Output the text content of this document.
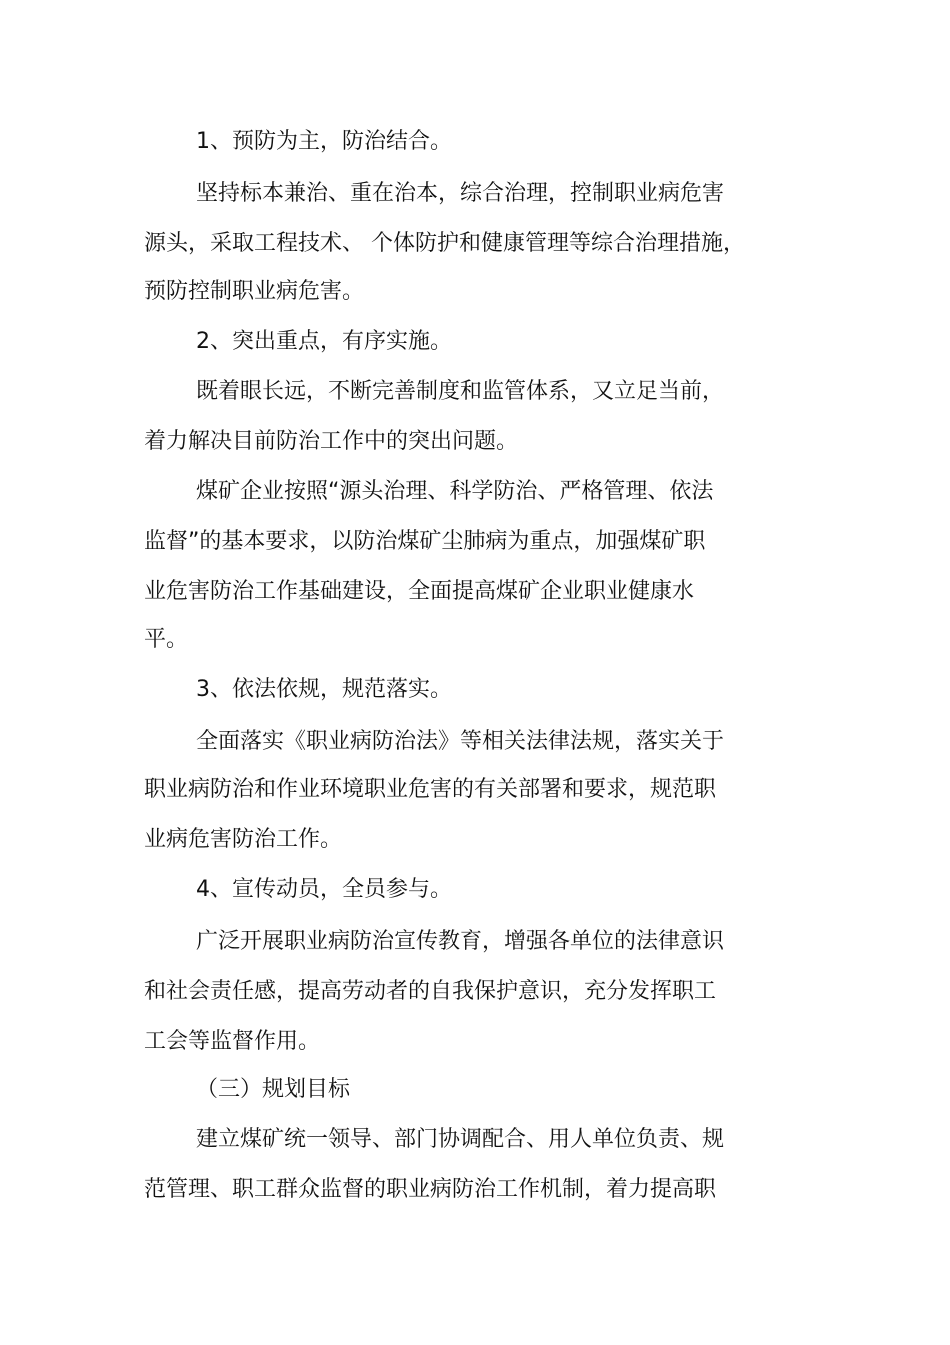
1、预防为主，防治结合。
坚持标本兼治、重在治本，综合治理，控制职业病危害
源头，采取工程技术、 个体防护和健康管理等综合治理措施，
预防控制职业病危害。
2、突出重点，有序实施。
既着眼长远，不断完善制度和监管体系，又立足当前，
着力解决目前防治工作中的突出问题。
煤矿企业按照“源头治理、科学防治、严格管理、依法
监督”的基本要求，以防治煤矿尘肺病为重点，加强煤矿职
业危害防治工作基础建设，全面提高煤矿企业职业健康水
平。
3、依法依规，规范落实。
全面落实《职业病防治法》等相关法律法规，落实关于
职业病防治和作业环境职业危害的有关部署和要求，规范职
业病危害防治工作。
4、宣传动员，全员参与。
广泛开展职业病防治宣传教育，增强各单位的法律意识
和社会责任感，提高劳动者的自我保护意识，充分发挥职工
工会等监督作用。
（三）规划目标
建立煤矿统一领导、部门协调配合、用人单位负责、规
范管理、职工群众监督的职业病防治工作机制，着力提高职
